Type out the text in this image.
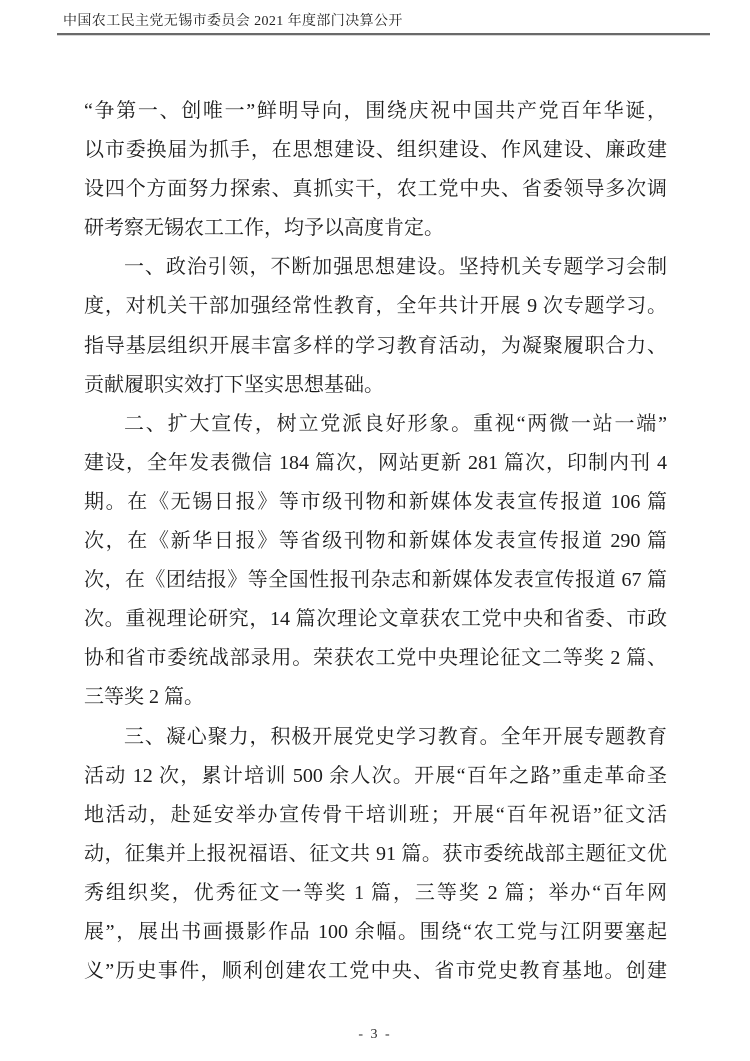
中国农工民主党无锡市委员会 2021 年度部门决算公开
“争第一、创唯一”鲜明导向，围绕庆祝中国共产党百年华诞，
以市委换届为抓手，在思想建设、组织建设、作风建设、廉政建
设四个方面努力探索、真抓实干，农工党中央、省委领导多次调
研考察无锡农工工作，均予以高度肯定。
一、政治引领，不断加强思想建设。坚持机关专题学习会制
度，对机关干部加强经常性教育，全年共计开展 9 次专题学习。
指导基层组织开展丰富多样的学习教育活动，为凝聚履职合力、
贡献履职实效打下坚实思想基础。
二、扩大宣传，树立党派良好形象。重视“两微一站一端”
建设，全年发表微信 184 篇次，网站更新 281 篇次，印制内刊 4
期。在《无锡日报》等市级刊物和新媒体发表宣传报道 106 篇
次，在《新华日报》等省级刊物和新媒体发表宣传报道 290 篇
次，在《团结报》等全国性报刊杂志和新媒体发表宣传报道 67 篇
次。重视理论研究，14 篇次理论文章获农工党中央和省委、市政
协和省市委统战部录用。荣获农工党中央理论征文二等奖 2 篇、
三等奖 2 篇。
三、凝心聚力，积极开展党史学习教育。全年开展专题教育
活动 12 次，累计培训 500 余人次。开展“百年之路”重走革命圣
地活动，赴延安举办宣传骨干培训班；开展“百年祝语”征文活
动，征集并上报祝福语、征文共 91 篇。获市委统战部主题征文优
秀组织奖，优秀征文一等奖 1 篇，三等奖 2 篇；举办“百年网
展”，展出书画摄影作品 100 余幅。围绕“农工党与江阴要塞起
义”历史事件，顺利创建农工党中央、省市党史教育基地。创建
- 3 -
